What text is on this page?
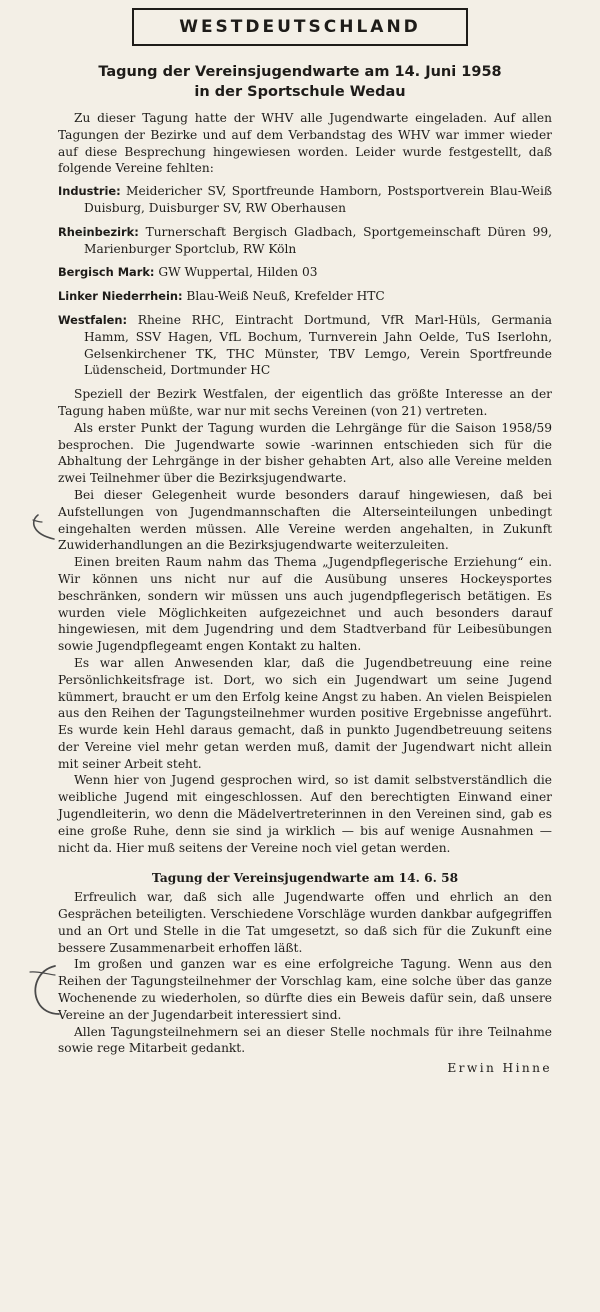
WESTDEUTSCHLAND
Tagung der Vereinsjugendwarte am 14. Juni 1958
in der Sportschule Wedau

Zu dieser Tagung hatte der WHV alle Jugendwarte eingeladen. Auf allen Tagungen der Bezirke und auf dem Verbandstag des WHV war immer wieder auf diese Besprechung hingewiesen worden. Leider wurde festgestellt, daß folgende Vereine fehlten:

Industrie: Meidericher SV, Sportfreunde Hamborn, Postsportverein Blau-Weiß Duisburg, Duisburger SV, RW Oberhausen

Rheinbezirk: Turnerschaft Bergisch Gladbach, Sportgemeinschaft Düren 99, Marienburger Sportclub, RW Köln

Bergisch Mark: GW Wuppertal, Hilden 03

Linker Niederrhein: Blau-Weiß Neuß, Krefelder HTC

Westfalen: Rheine RHC, Eintracht Dortmund, VfR Marl-Hüls, Germania Hamm, SSV Hagen, VfL Bochum, Turnverein Jahn Oelde, TuS Iserlohn, Gelsenkirchener TK, THC Münster, TBV Lemgo, Verein Sportfreunde Lüdenscheid, Dortmunder HC

Speziell der Bezirk Westfalen, der eigentlich das größte Interesse an der Tagung haben müßte, war nur mit sechs Vereinen (von 21) vertreten.

Als erster Punkt der Tagung wurden die Lehrgänge für die Saison 1958/59 besprochen. Die Jugendwarte sowie -warinnen entschieden sich für die Abhaltung der Lehrgänge in der bisher gehabten Art, also alle Vereine melden zwei Teilnehmer über die Bezirksjugendwarte.

Bei dieser Gelegenheit wurde besonders darauf hingewiesen, daß bei Aufstellungen von Jugendmannschaften die Alterseinteilungen unbedingt eingehalten werden müssen. Alle Vereine werden angehalten, in Zukunft Zuwiderhandlungen an die Bezirksjugendwarte weiterzuleiten.

Einen breiten Raum nahm das Thema „Jugendpflegerische Erziehung“ ein. Wir können uns nicht nur auf die Ausübung unseres Hockeysportes beschränken, sondern wir müssen uns auch jugendpflegerisch betätigen. Es wurden viele Möglichkeiten aufgezeichnet und auch besonders darauf hingewiesen, mit dem Jugendring und dem Stadtverband für Leibesübungen sowie Jugendpflegeamt engen Kontakt zu halten.

Es war allen Anwesenden klar, daß die Jugendbetreuung eine reine Persönlichkeitsfrage ist. Dort, wo sich ein Jugendwart um seine Jugend kümmert, braucht er um den Erfolg keine Angst zu haben. An vielen Beispielen aus den Reihen der Tagungsteilnehmer wurden positive Ergebnisse angeführt. Es wurde kein Hehl daraus gemacht, daß in punkto Jugendbetreuung seitens der Vereine viel mehr getan werden muß, damit der Jugendwart nicht allein mit seiner Arbeit steht.

Wenn hier von Jugend gesprochen wird, so ist damit selbstverständlich die weibliche Jugend mit eingeschlossen. Auf den berechtigten Einwand einer Jugendleiterin, wo denn die Mädelvertreterinnen in den Vereinen sind, gab es eine große Ruhe, denn sie sind ja wirklich — bis auf wenige Ausnahmen — nicht da. Hier muß seitens der Vereine noch viel getan werden.

Tagung der Vereinsjugendwarte am 14. 6. 58

Erfreulich war, daß sich alle Jugendwarte offen und ehrlich an den Gesprächen beteiligten. Verschiedene Vorschläge wurden dankbar aufgegriffen und an Ort und Stelle in die Tat umgesetzt, so daß sich für die Zukunft eine bessere Zusammenarbeit erhoffen läßt.

Im großen und ganzen war es eine erfolgreiche Tagung. Wenn aus den Reihen der Tagungsteilnehmer der Vorschlag kam, eine solche über das ganze Wochenende zu wiederholen, so dürfte dies ein Beweis dafür sein, daß unsere Vereine an der Jugendarbeit interessiert sind.

Allen Tagungsteilnehmern sei an dieser Stelle nochmals für ihre Teilnahme sowie rege Mitarbeit gedankt.

Erwin Hinne
